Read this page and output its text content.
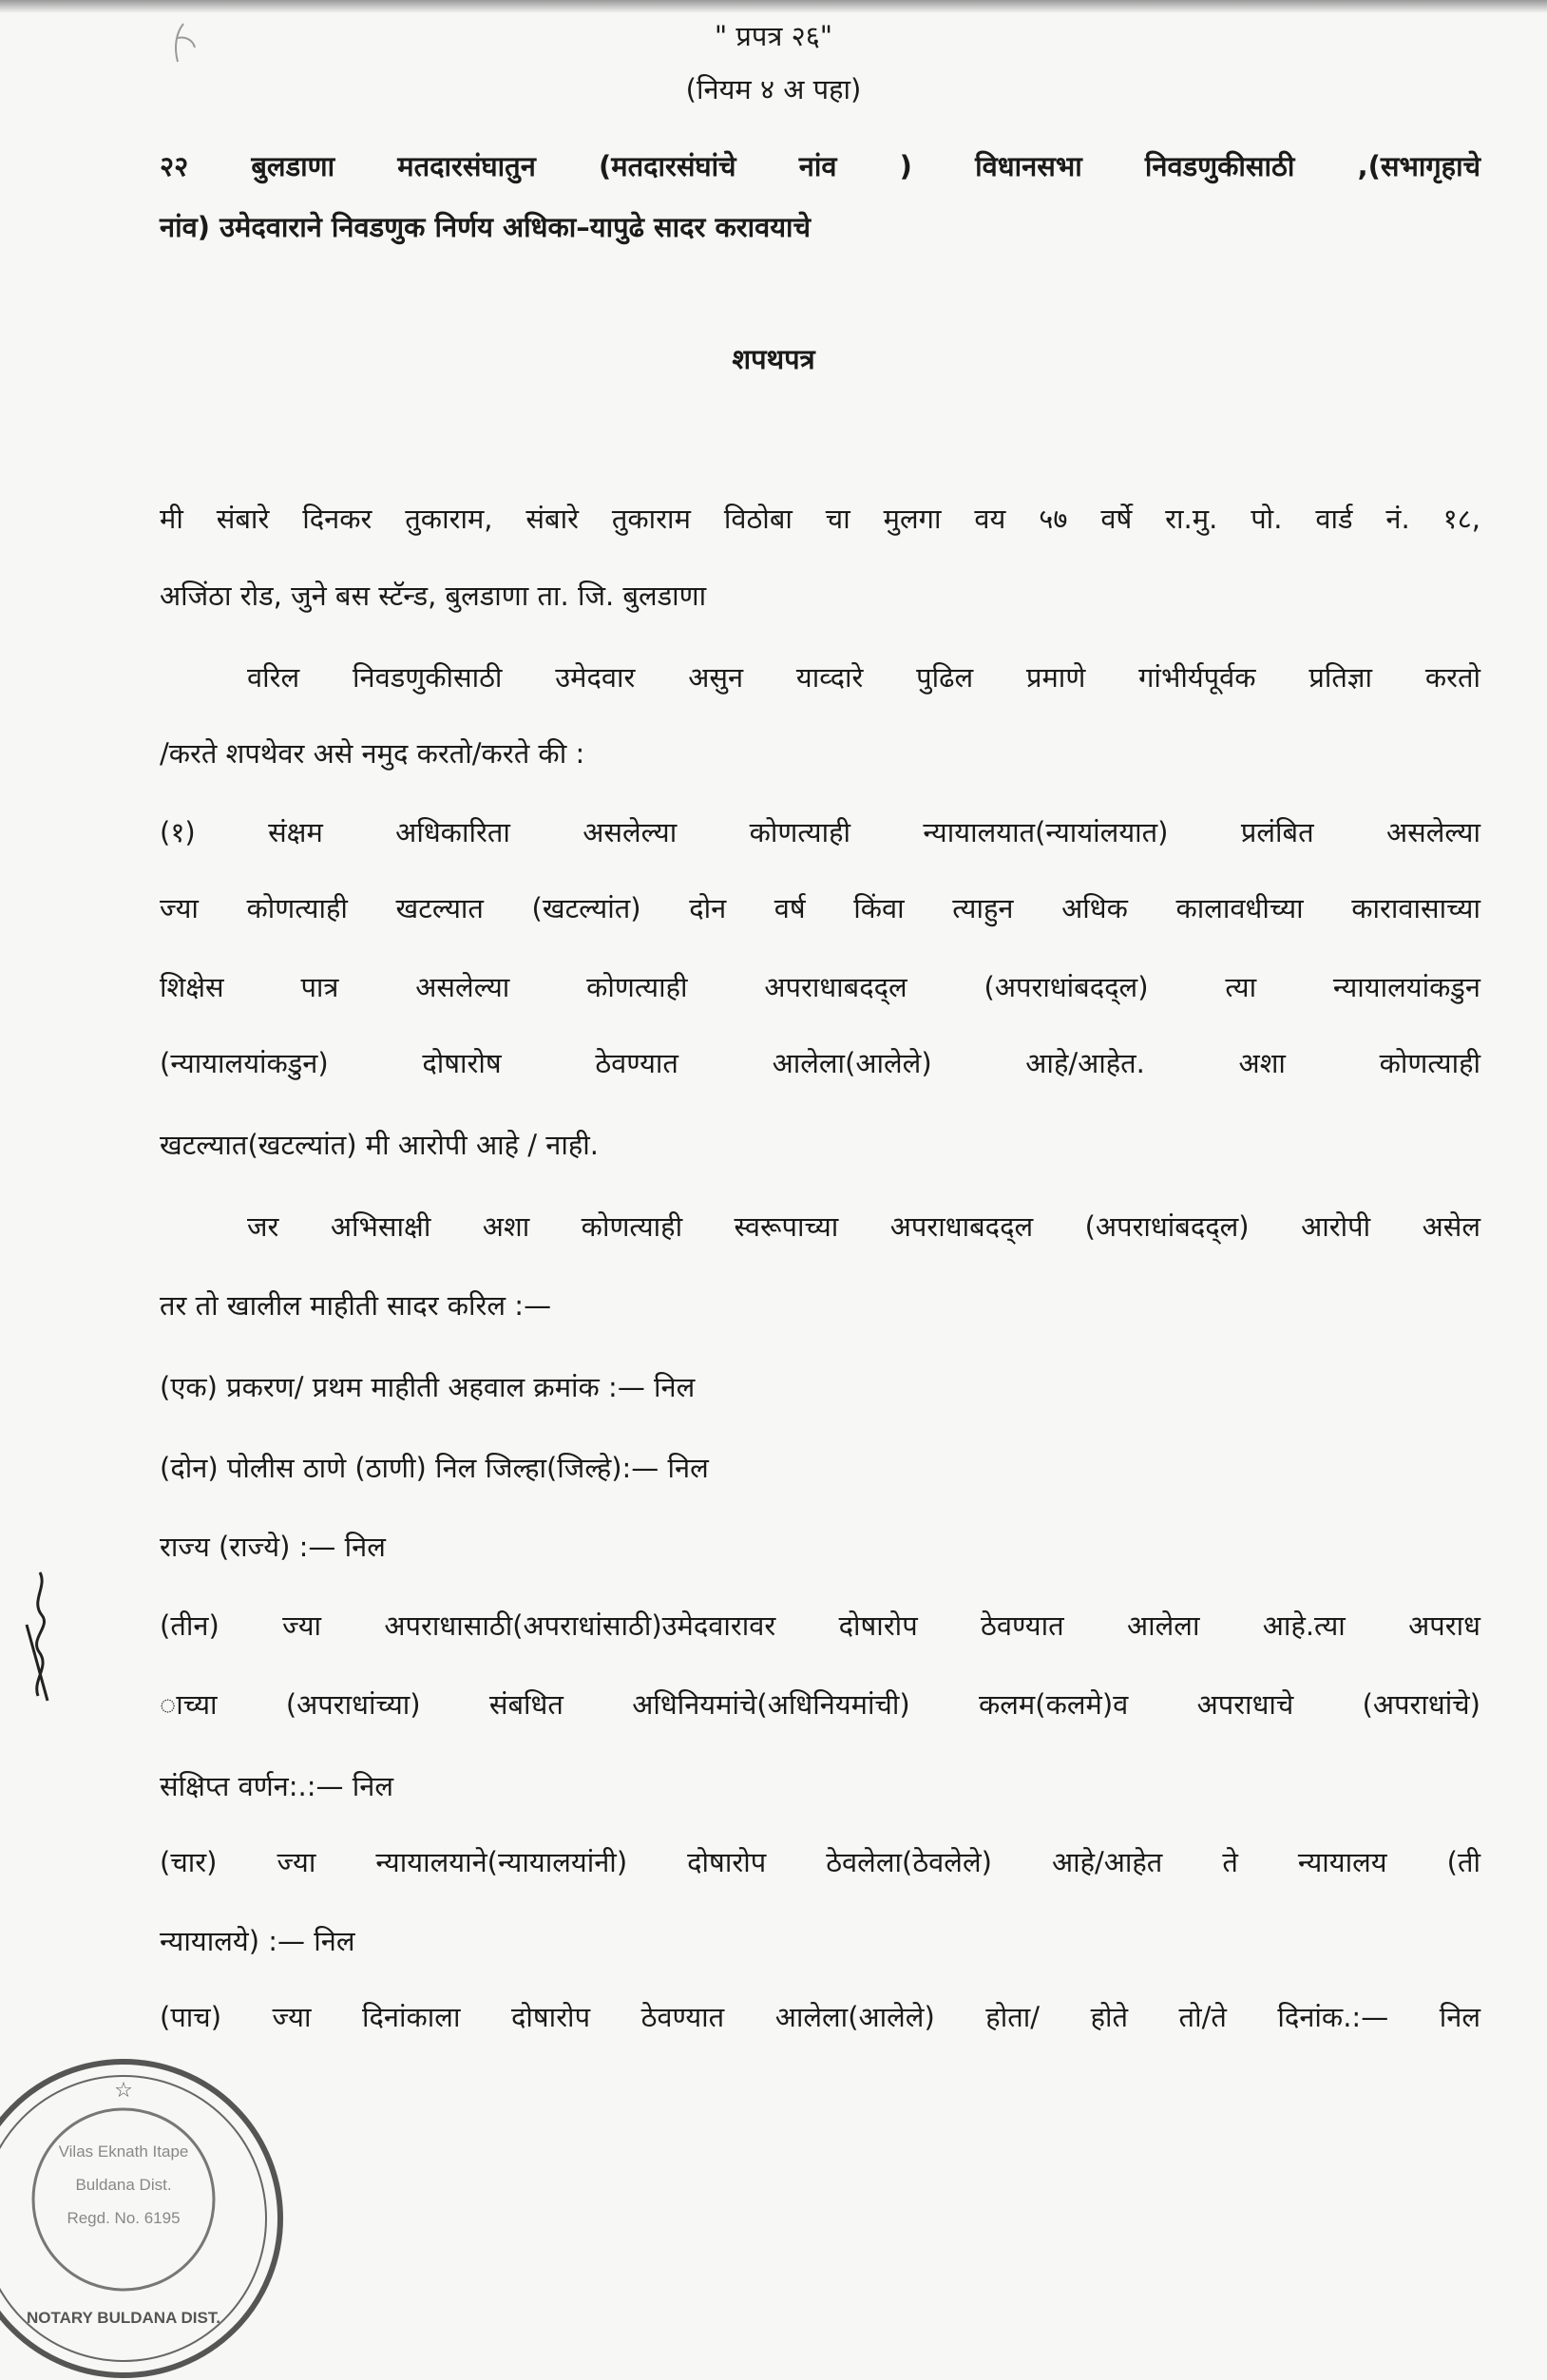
" प्रपत्र २६"
(नियम ४ अ पहा)
२२ बुलडाणा मतदारसंघातुन (मतदारसंघांचे नांव ) विधानसभा निवडणुकीसाठी ,(सभागृहाचे
नांव) उमेदवाराने निवडणुक निर्णय अधिका–यापुढे सादर करावयाचे
शपथपत्र
मी संबारे दिनकर तुकाराम, संबारे तुकाराम विठोबा चा मुलगा वय ५७ वर्षे रा.मु. पो. वार्ड नं. १८,
अजिंठा रोड, जुने बस स्टॅन्ड, बुलडाणा ता. जि. बुलडाणा
वरिल निवडणुकीसाठी उमेदवार असुन याव्दारे पुढिल प्रमाणे गांभीर्यपूर्वक प्रतिज्ञा करतो
/करते शपथेवर असे नमुद करतो/करते की :
(१) संक्षम अधिकारिता असलेल्या कोणत्याही न्यायालयात(न्यायांलयात) प्रलंबित असलेल्या
ज्या कोणत्याही खटल्यात (खटल्यांत) दोन वर्ष किंवा त्याहुन अधिक कालावधीच्या कारावासाच्या
शिक्षेस पात्र असलेल्या कोणत्याही अपराधाबदद्ल (अपराधांबदद्ल) त्या न्यायालयांकडुन
(न्यायालयांकडुन) दोषारोष ठेवण्यात आलेला(आलेले) आहे/आहेत. अशा कोणत्याही
खटल्यात(खटल्यांत) मी आरोपी आहे / नाही.
जर अभिसाक्षी अशा कोणत्याही स्वरूपाच्या अपराधाबदद्ल (अपराधांबदद्ल) आरोपी असेल
तर तो खालील माहीती सादर करिल :—
(एक) प्रकरण/ प्रथम माहीती अहवाल क्रमांक :— निल
(दोन) पोलीस ठाणे (ठाणी) निल जिल्हा(जिल्हे):— निल
राज्य (राज्ये) :— निल
(तीन) ज्या अपराधासाठी(अपराधांसाठी)उमेदवारावर दोषारोप ठेवण्यात आलेला आहे.त्या अपराध
ाच्या (अपराधांच्या) संबधित अधिनियमांचे(अधिनियमांची) कलम(कलमे)व अपराधाचे (अपराधांचे)
संक्षिप्त वर्णन:.:— निल
(चार) ज्या न्यायालयाने(न्यायालयांनी) दोषारोप ठेवलेला(ठेवलेले) आहे/आहेत ते न्यायालय (ती
न्यायालये) :— निल
(पाच) ज्या दिनांकाला दोषारोप ठेवण्यात आलेला(आलेले) होता/ होते तो/ते दिनांक.:— निल
☆
Vilas Eknath Itape
Buldana Dist.
Regd. No. 6195
NOTARY BULDANA DIST.
